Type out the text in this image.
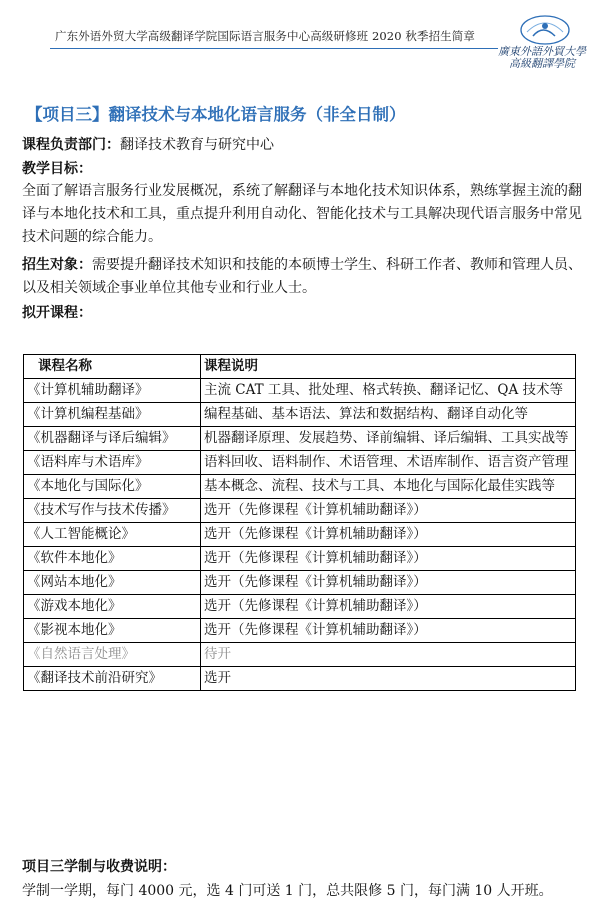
广东外语外贸大学高级翻译学院国际语言服务中心高级研修班 2020 秋季招生简章
廣東外語外貿大學
高級翻譯學院
【项目三】翻译技术与本地化语言服务（非全日制）
课程负责部门：翻译技术教育与研究中心
教学目标：
全面了解语言服务行业发展概况，系统了解翻译与本地化技术知识体系，熟练掌握主流的翻译与本地化技术和工具，重点提升利用自动化、智能化技术与工具解决现代语言服务中常见技术问题的综合能力。
招生对象：需要提升翻译技术知识和技能的本硕博士学生、科研工作者、教师和管理人员、以及相关领域企事业单位其他专业和行业人士。
拟开课程：
课程名称	课程说明
《计算机辅助翻译》	主流 CAT 工具、批处理、格式转换、翻译记忆、QA 技术等
《计算机编程基础》	编程基础、基本语法、算法和数据结构、翻译自动化等
《机器翻译与译后编辑》	机器翻译原理、发展趋势、译前编辑、译后编辑、工具实战等
《语料库与术语库》	语料回收、语料制作、术语管理、术语库制作、语言资产管理
《本地化与国际化》	基本概念、流程、技术与工具、本地化与国际化最佳实践等
《技术写作与技术传播》	选开（先修课程《计算机辅助翻译》）
《人工智能概论》	选开（先修课程《计算机辅助翻译》）
《软件本地化》	选开（先修课程《计算机辅助翻译》）
《网站本地化》	选开（先修课程《计算机辅助翻译》）
《游戏本地化》	选开（先修课程《计算机辅助翻译》）
《影视本地化》	选开（先修课程《计算机辅助翻译》）
《自然语言处理》	待开
《翻译技术前沿研究》	选开
项目三学制与收费说明：
学制一学期，每门 4000 元，选 4 门可送 1 门，总共限修 5 门，每门满 10 人开班。
